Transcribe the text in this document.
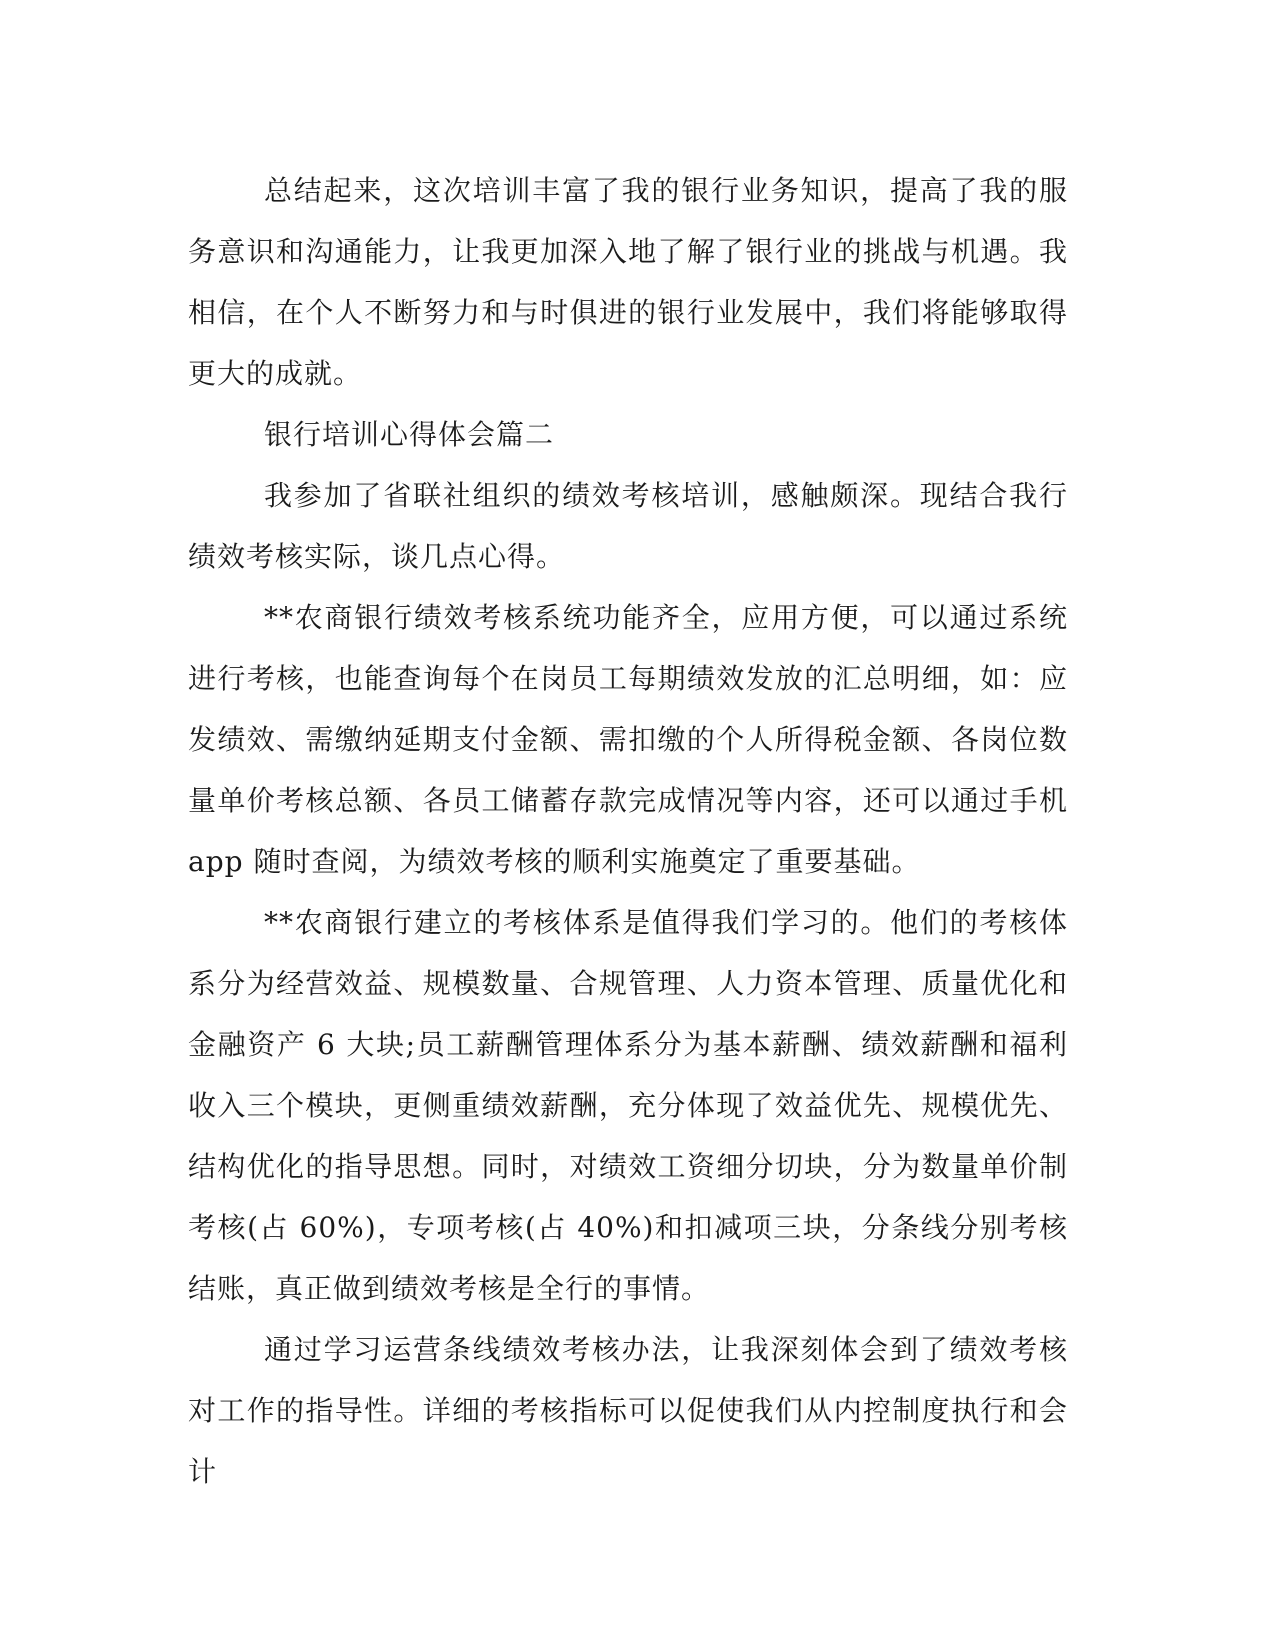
总结起来，这次培训丰富了我的银行业务知识，提高了我的服务意识和沟通能力，让我更加深入地了解了银行业的挑战与机遇。我相信，在个人不断努力和与时俱进的银行业发展中，我们将能够取得更大的成就。

银行培训心得体会篇二

我参加了省联社组织的绩效考核培训，感触颇深。现结合我行绩效考核实际，谈几点心得。

**农商银行绩效考核系统功能齐全，应用方便，可以通过系统进行考核，也能查询每个在岗员工每期绩效发放的汇总明细，如：应发绩效、需缴纳延期支付金额、需扣缴的个人所得税金额、各岗位数量单价考核总额、各员工储蓄存款完成情况等内容，还可以通过手机 app 随时查阅，为绩效考核的顺利实施奠定了重要基础。

**农商银行建立的考核体系是值得我们学习的。他们的考核体系分为经营效益、规模数量、合规管理、人力资本管理、质量优化和金融资产 6 大块;员工薪酬管理体系分为基本薪酬、绩效薪酬和福利收入三个模块，更侧重绩效薪酬，充分体现了效益优先、规模优先、结构优化的指导思想。同时，对绩效工资细分切块，分为数量单价制考核(占 60%)，专项考核(占 40%)和扣减项三块，分条线分别考核结账，真正做到绩效考核是全行的事情。

通过学习运营条线绩效考核办法，让我深刻体会到了绩效考核对工作的指导性。详细的考核指标可以促使我们从内控制度执行和会计
